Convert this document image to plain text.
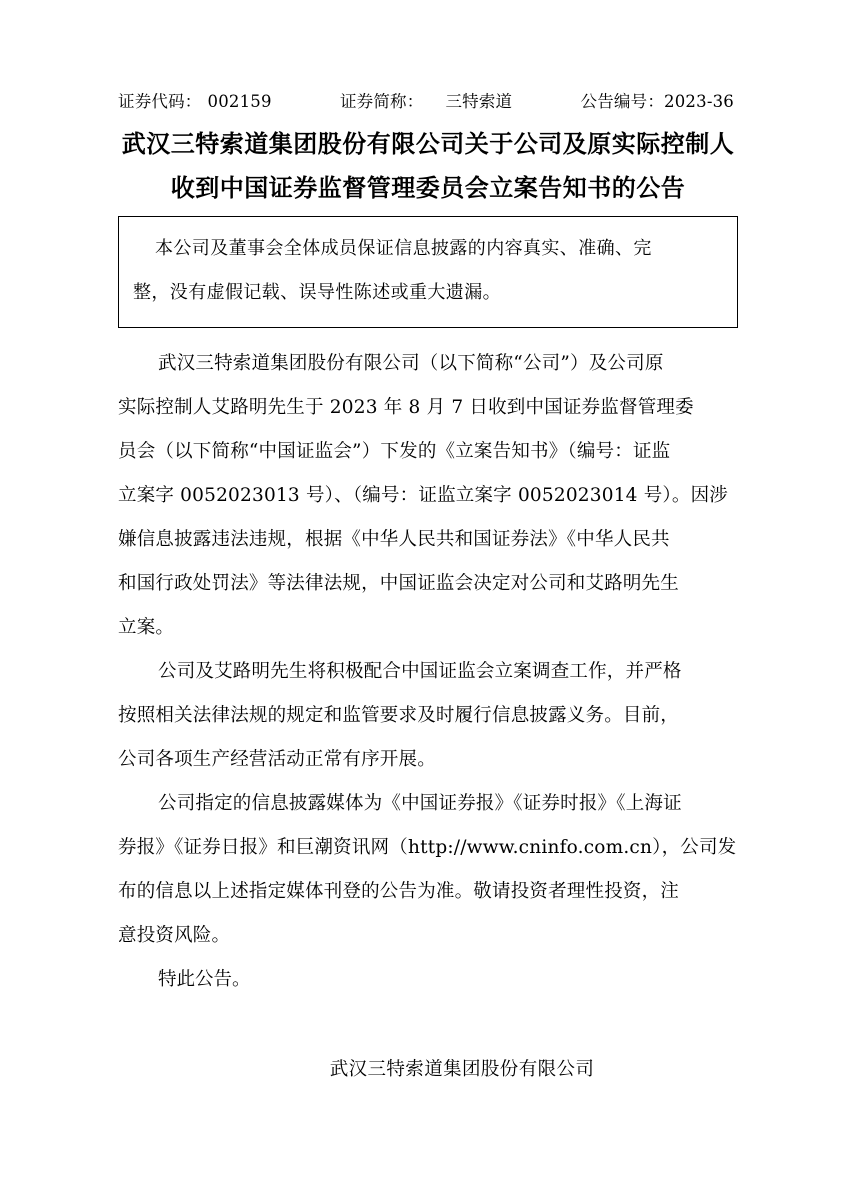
证券代码： 002159	证券简称： 三特索道	公告编号：2023-36
武汉三特索道集团股份有限公司关于公司及原实际控制人
收到中国证券监督管理委员会立案告知书的公告
本公司及董事会全体成员保证信息披露的内容真实、准确、完
整，没有虚假记载、误导性陈述或重大遗漏。
武汉三特索道集团股份有限公司（以下简称“公司”）及公司原
实际控制人艾路明先生于 2023 年 8 月 7 日收到中国证券监督管理委
员会（以下简称“中国证监会”）下发的《立案告知书》（编号：证监
立案字 0052023013 号）、（编号：证监立案字 0052023014 号）。因涉
嫌信息披露违法违规，根据《中华人民共和国证券法》《中华人民共
和国行政处罚法》等法律法规，中国证监会决定对公司和艾路明先生
立案。
公司及艾路明先生将积极配合中国证监会立案调查工作，并严格
按照相关法律法规的规定和监管要求及时履行信息披露义务。目前，
公司各项生产经营活动正常有序开展。
公司指定的信息披露媒体为《中国证券报》《证券时报》《上海证
券报》《证券日报》和巨潮资讯网（http://www.cninfo.com.cn），公司发
布的信息以上述指定媒体刊登的公告为准。敬请投资者理性投资，注
意投资风险。
特此公告。
武汉三特索道集团股份有限公司
